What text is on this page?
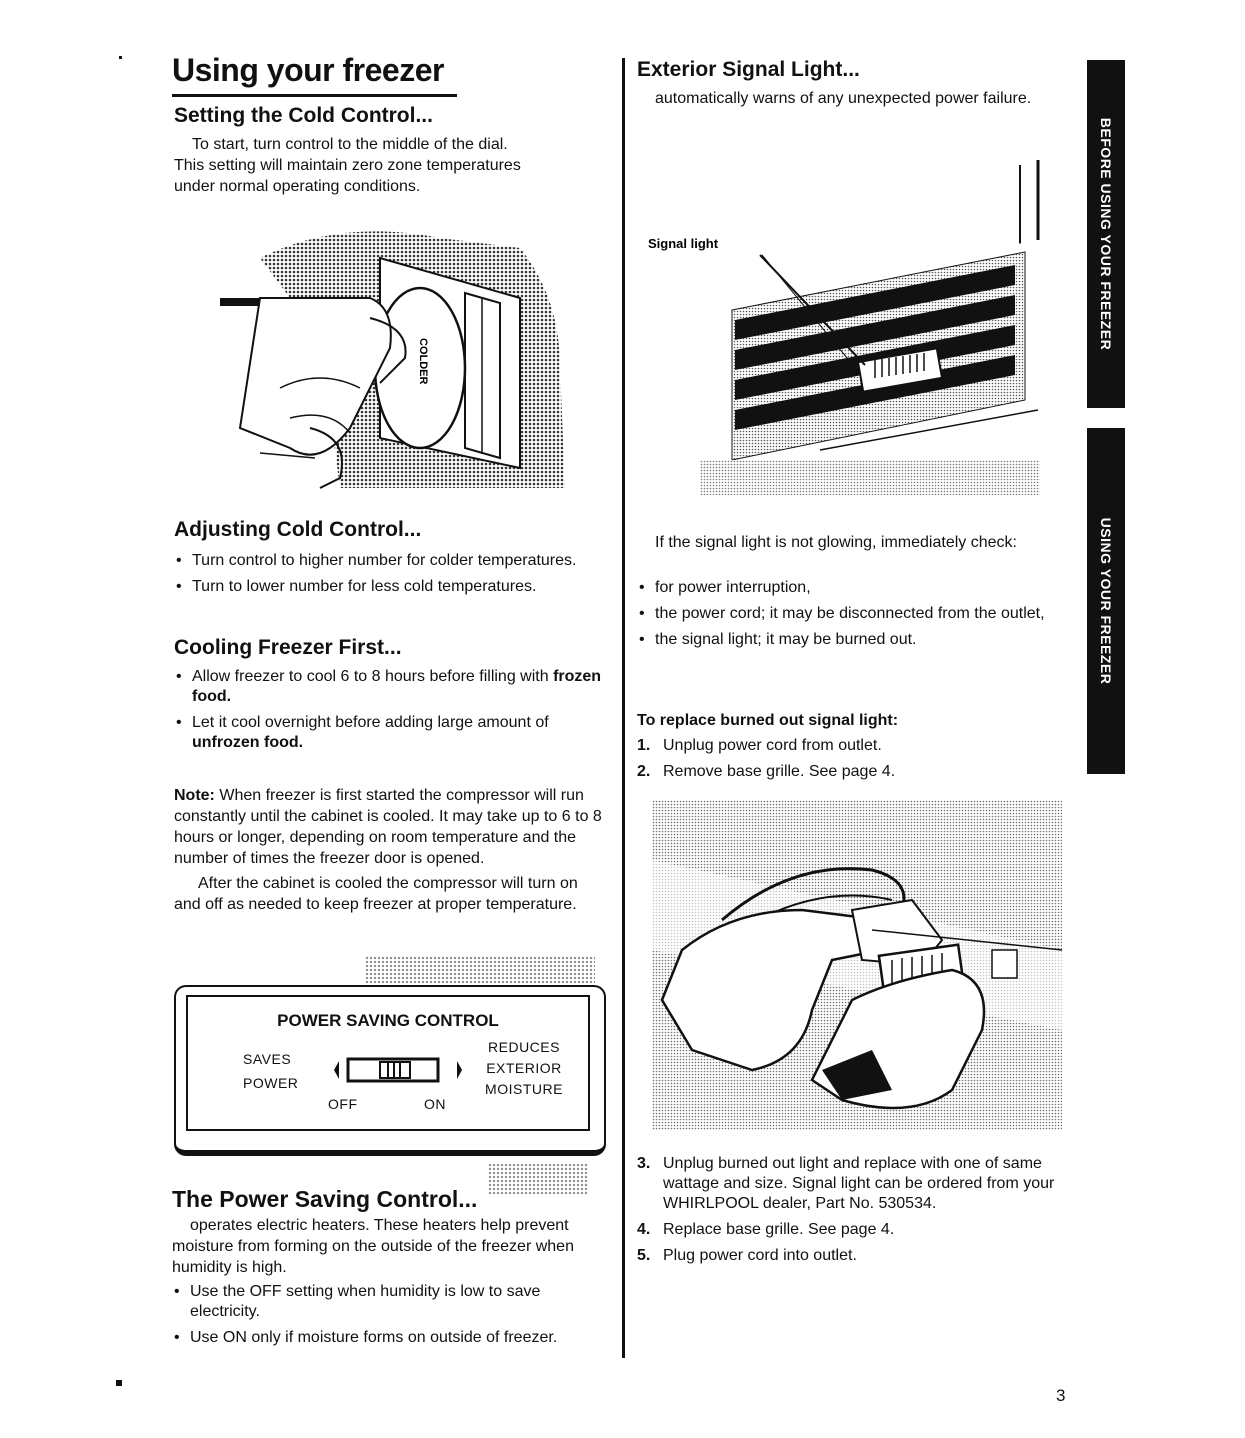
Using your freezer
Setting the Cold Control...

To start, turn control to the middle of the dial.

This setting will maintain zero zone temperatures

under normal operating conditions.

COLDER
Adjusting Cold Control...
• Turn control to higher number for colder temperatures.
• Turn to lower number for less cold temperatures.
Cooling Freezer First...
• Allow freezer to cool 6 to 8 hours before filling with frozen food.
• Let it cool overnight before adding large amount of unfrozen food.

Note: When freezer is first started the compressor will run constantly until the cabinet is cooled. It may take up to 6 to 8 hours or longer, depending on room temperature and the number of times the freezer door is opened.

After the cabinet is cooled the compressor will turn on and off as needed to keep freezer at proper temperature.

POWER SAVING CONTROL
SAVES
POWER
REDUCES
EXTERIOR
MOISTURE
OFF	ON
The Power Saving Control...

operates electric heaters. These heaters help prevent moisture from forming on the outside of the freezer when humidity is high.

• Use the OFF setting when humidity is low to save electricity.
• Use ON only if moisture forms on outside of freezer.
Exterior Signal Light...

automatically warns of any unexpected power failure.

Signal light

If the signal light is not glowing, immediately check:

• for power interruption,
• the power cord; it may be disconnected from the outlet,
• the signal light; it may be burned out.
To replace burned out signal light:
1. Unplug power cord from outlet.
2. Remove base grille. See page 4.
3. Unplug burned out light and replace with one of same wattage and size. Signal light can be ordered from your WHIRLPOOL dealer, Part No. 530534.
4. Replace base grille. See page 4.
5. Plug power cord into outlet.
BEFORE USING YOUR FREEZER
USING YOUR FREEZER
3
